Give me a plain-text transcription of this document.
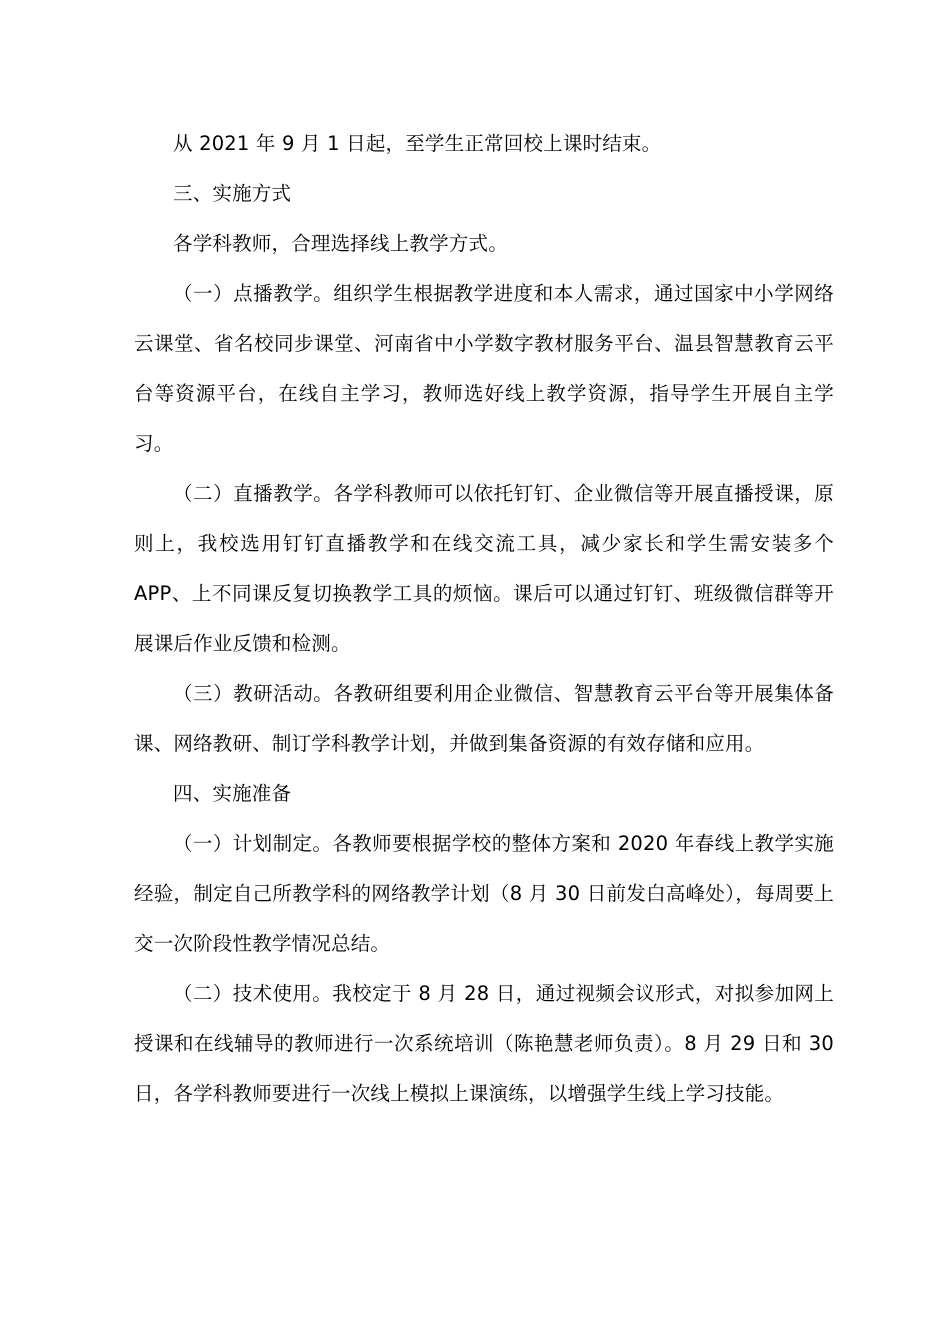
从 2021 年 9 月 1 日起，至学生正常回校上课时结束。

三、实施方式

各学科教师，合理选择线上教学方式。

（一）点播教学。组织学生根据教学进度和本人需求，通过国家中小学网络云课堂、省名校同步课堂、河南省中小学数字教材服务平台、温县智慧教育云平台等资源平台，在线自主学习，教师选好线上教学资源，指导学生开展自主学习。

（二）直播教学。各学科教师可以依托钉钉、企业微信等开展直播授课，原则上，我校选用钉钉直播教学和在线交流工具，减少家长和学生需安装多个 APP、上不同课反复切换教学工具的烦恼。课后可以通过钉钉、班级微信群等开展课后作业反馈和检测。

（三）教研活动。各教研组要利用企业微信、智慧教育云平台等开展集体备课、网络教研、制订学科教学计划，并做到集备资源的有效存储和应用。

四、实施准备

（一）计划制定。各教师要根据学校的整体方案和 2020 年春线上教学实施经验，制定自己所教学科的网络教学计划（8 月 30 日前发白高峰处），每周要上交一次阶段性教学情况总结。

（二）技术使用。我校定于 8 月 28 日，通过视频会议形式，对拟参加网上授课和在线辅导的教师进行一次系统培训（陈艳慧老师负责）。8 月 29 日和 30 日，各学科教师要进行一次线上模拟上课演练，以增强学生线上学习技能。
